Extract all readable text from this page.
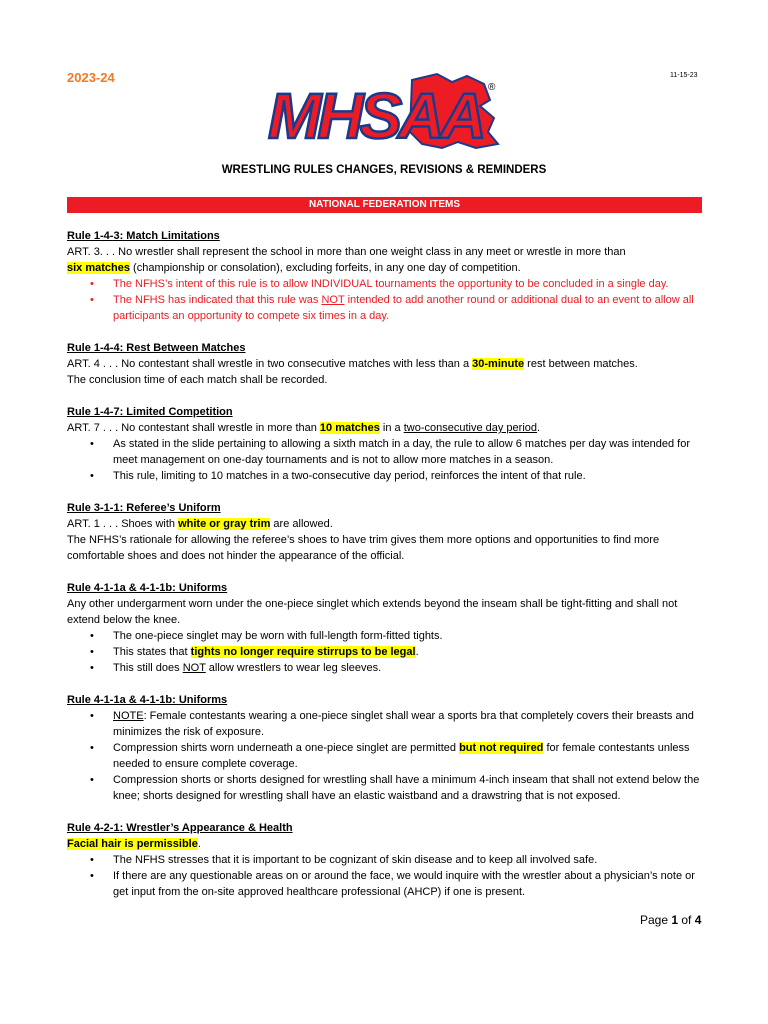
2023-24	11-15-23
MHSAA ®
WRESTLING RULES CHANGES, REVISIONS & REMINDERS
NATIONAL FEDERATION ITEMS
Rule 1-4-3: Match Limitations
ART. 3. . . No wrestler shall represent the school in more than one weight class in any meet or wrestle in more than
six matches (championship or consolation), excluding forfeits, in any one day of competition.
• The NFHS’s intent of this rule is to allow INDIVIDUAL tournaments the opportunity to be concluded in a single day.
• The NFHS has indicated that this rule was NOT intended to add another round or additional dual to an event to allow all participants an opportunity to compete six times in a day.
Rule 1-4-4: Rest Between Matches
ART. 4 . . . No contestant shall wrestle in two consecutive matches with less than a 30-minute rest between matches.
The conclusion time of each match shall be recorded.
Rule 1-4-7: Limited Competition
ART. 7 . . . No contestant shall wrestle in more than 10 matches in a two-consecutive day period.
• As stated in the slide pertaining to allowing a sixth match in a day, the rule to allow 6 matches per day was intended for meet management on one-day tournaments and is not to allow more matches in a season.
• This rule, limiting to 10 matches in a two-consecutive day period, reinforces the intent of that rule.
Rule 3-1-1: Referee’s Uniform
ART. 1 . . . Shoes with white or gray trim are allowed.
The NFHS’s rationale for allowing the referee’s shoes to have trim gives them more options and opportunities to find more comfortable shoes and does not hinder the appearance of the official.
Rule 4-1-1a & 4-1-1b: Uniforms
Any other undergarment worn under the one-piece singlet which extends beyond the inseam shall be tight-fitting and shall not extend below the knee.
• The one-piece singlet may be worn with full-length form-fitted tights.
• This states that tights no longer require stirrups to be legal.
• This still does NOT allow wrestlers to wear leg sleeves.
Rule 4-1-1a & 4-1-1b: Uniforms
• NOTE: Female contestants wearing a one-piece singlet shall wear a sports bra that completely covers their breasts and minimizes the risk of exposure.
• Compression shirts worn underneath a one-piece singlet are permitted but not required for female contestants unless needed to ensure complete coverage.
• Compression shorts or shorts designed for wrestling shall have a minimum 4-inch inseam that shall not extend below the knee; shorts designed for wrestling shall have an elastic waistband and a drawstring that is not exposed.
Rule 4-2-1: Wrestler’s Appearance & Health
Facial hair is permissible.
• The NFHS stresses that it is important to be cognizant of skin disease and to keep all involved safe.
• If there are any questionable areas on or around the face, we would inquire with the wrestler about a physician’s note or get input from the on-site approved healthcare professional (AHCP) if one is present.
Page 1 of 4
